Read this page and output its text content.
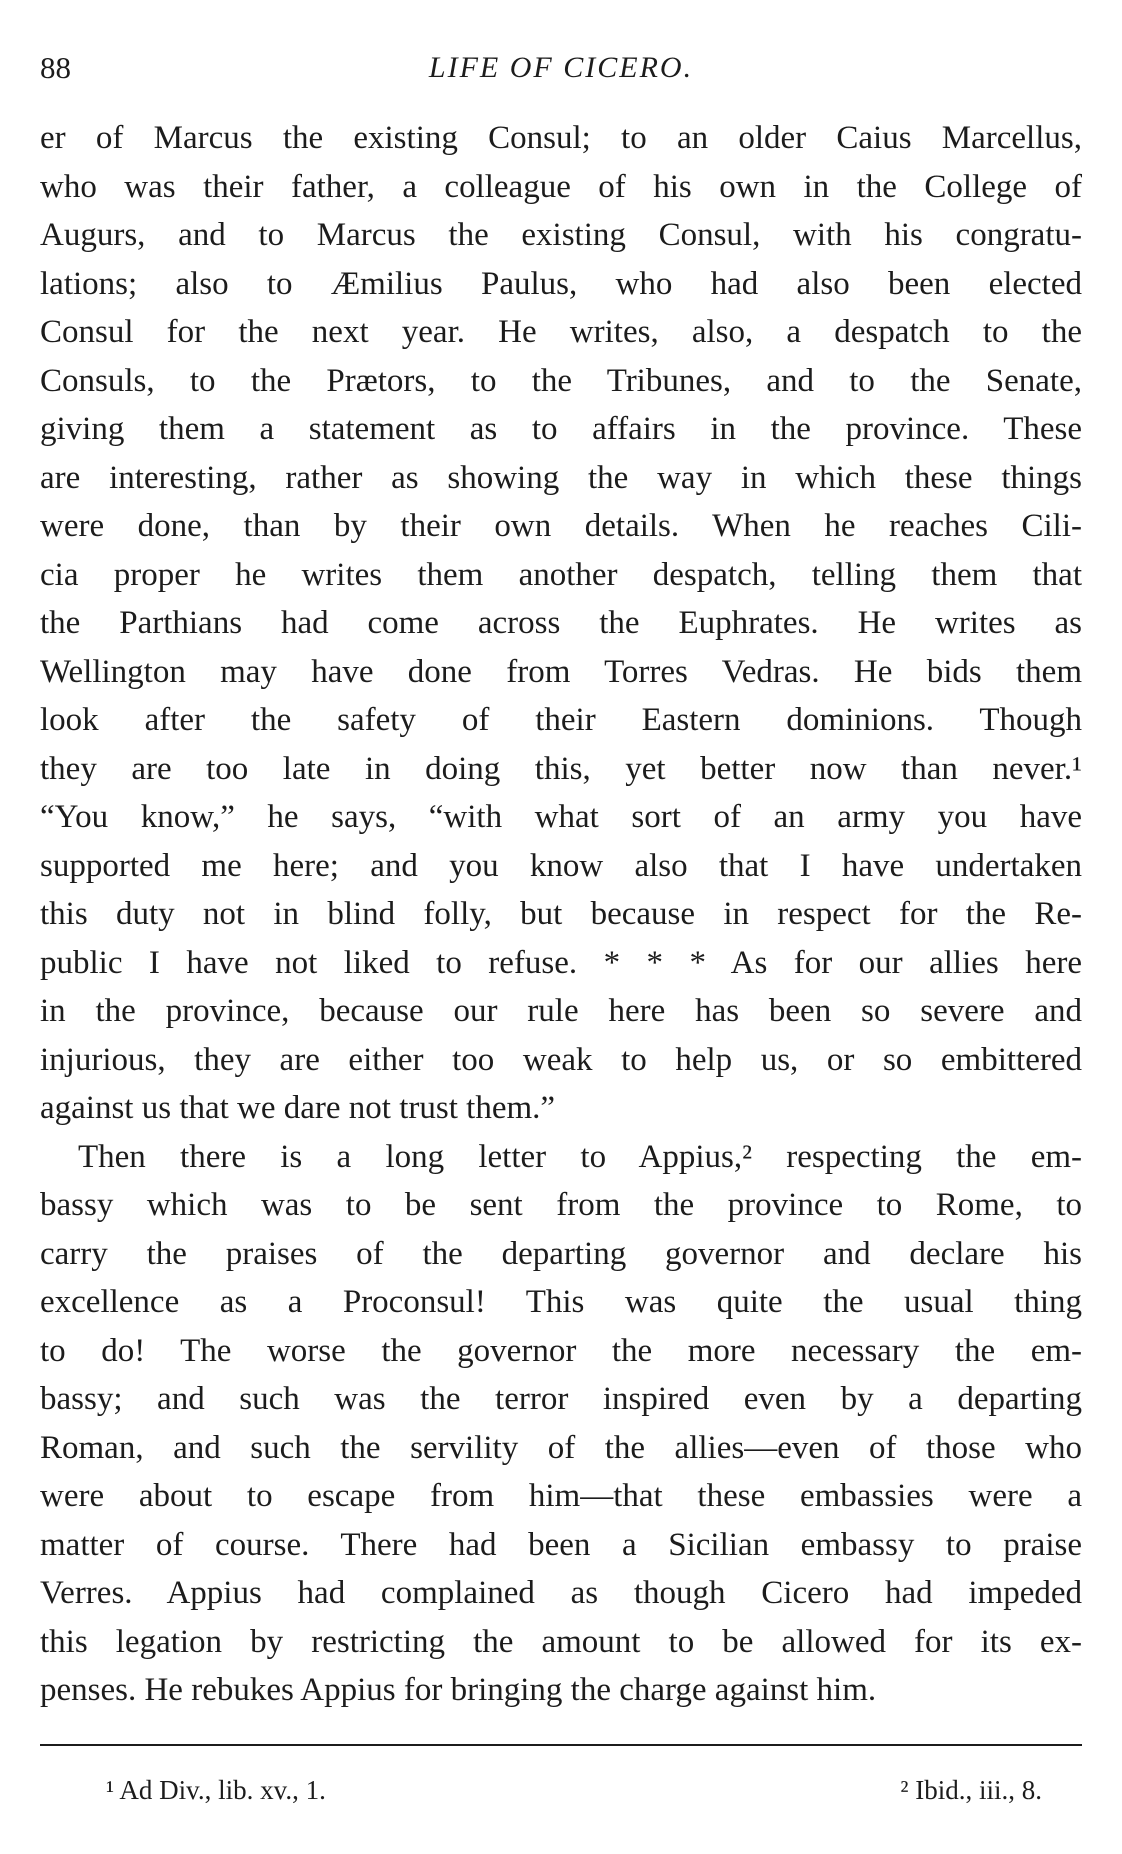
88	LIFE OF CICERO.
er of Marcus the existing Consul; to an older Caius Marcellus,
who was their father, a colleague of his own in the College of
Augurs, and to Marcus the existing Consul, with his congratu-
lations; also to Æmilius Paulus, who had also been elected
Consul for the next year. He writes, also, a despatch to the
Consuls, to the Prætors, to the Tribunes, and to the Senate,
giving them a statement as to affairs in the province. These
are interesting, rather as showing the way in which these things
were done, than by their own details. When he reaches Cili-
cia proper he writes them another despatch, telling them that
the Parthians had come across the Euphrates. He writes as
Wellington may have done from Torres Vedras. He bids them
look after the safety of their Eastern dominions. Though
they are too late in doing this, yet better now than never.¹
“You know,” he says, “with what sort of an army you have
supported me here; and you know also that I have undertaken
this duty not in blind folly, but because in respect for the Re-
public I have not liked to refuse. * * * As for our allies here
in the province, because our rule here has been so severe and
injurious, they are either too weak to help us, or so embittered
against us that we dare not trust them.”
Then there is a long letter to Appius,² respecting the em-
bassy which was to be sent from the province to Rome, to
carry the praises of the departing governor and declare his
excellence as a Proconsul! This was quite the usual thing
to do! The worse the governor the more necessary the em-
bassy; and such was the terror inspired even by a departing
Roman, and such the servility of the allies—even of those who
were about to escape from him—that these embassies were a
matter of course. There had been a Sicilian embassy to praise
Verres. Appius had complained as though Cicero had impeded
this legation by restricting the amount to be allowed for its ex-
penses. He rebukes Appius for bringing the charge against him.
¹ Ad Div., lib. xv., 1.	² Ibid., iii., 8.
